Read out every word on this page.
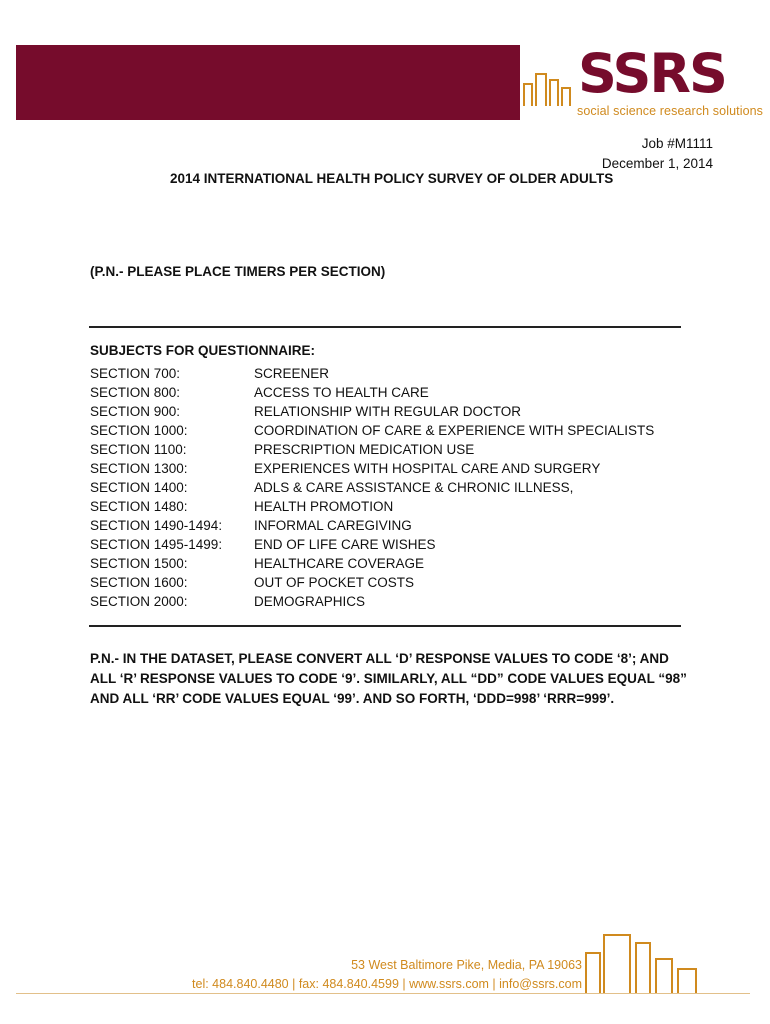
SSRS
social science research solutions
Job #M1111
December 1, 2014
2014 INTERNATIONAL HEALTH POLICY SURVEY OF OLDER ADULTS
(P.N.- PLEASE PLACE TIMERS PER SECTION)
SUBJECTS FOR QUESTIONNAIRE:
SECTION 700:	SCREENER
SECTION 800:	ACCESS TO HEALTH CARE
SECTION 900:	RELATIONSHIP WITH REGULAR DOCTOR
SECTION 1000:	COORDINATION OF CARE & EXPERIENCE WITH SPECIALISTS
SECTION 1100:	PRESCRIPTION MEDICATION USE
SECTION 1300:	EXPERIENCES WITH HOSPITAL CARE AND SURGERY
SECTION 1400:	ADLS & CARE ASSISTANCE & CHRONIC ILLNESS,
SECTION 1480:	HEALTH PROMOTION
SECTION 1490-1494: INFORMAL CAREGIVING
SECTION 1495-1499: END OF LIFE CARE WISHES
SECTION 1500:	HEALTHCARE COVERAGE
SECTION 1600:	OUT OF POCKET COSTS
SECTION 2000:	DEMOGRAPHICS
P.N.- IN THE DATASET, PLEASE CONVERT ALL ‘D’ RESPONSE VALUES TO CODE ‘8’; AND ALL ‘R’ RESPONSE VALUES TO CODE ‘9’. SIMILARLY, ALL “DD” CODE VALUES EQUAL “98” AND ALL ‘RR’ CODE VALUES EQUAL ‘99’. AND SO FORTH, ‘DDD=998’ ‘RRR=999’.
53 West Baltimore Pike, Media, PA 19063
tel: 484.840.4480 | fax: 484.840.4599 | www.ssrs.com | info@ssrs.com
